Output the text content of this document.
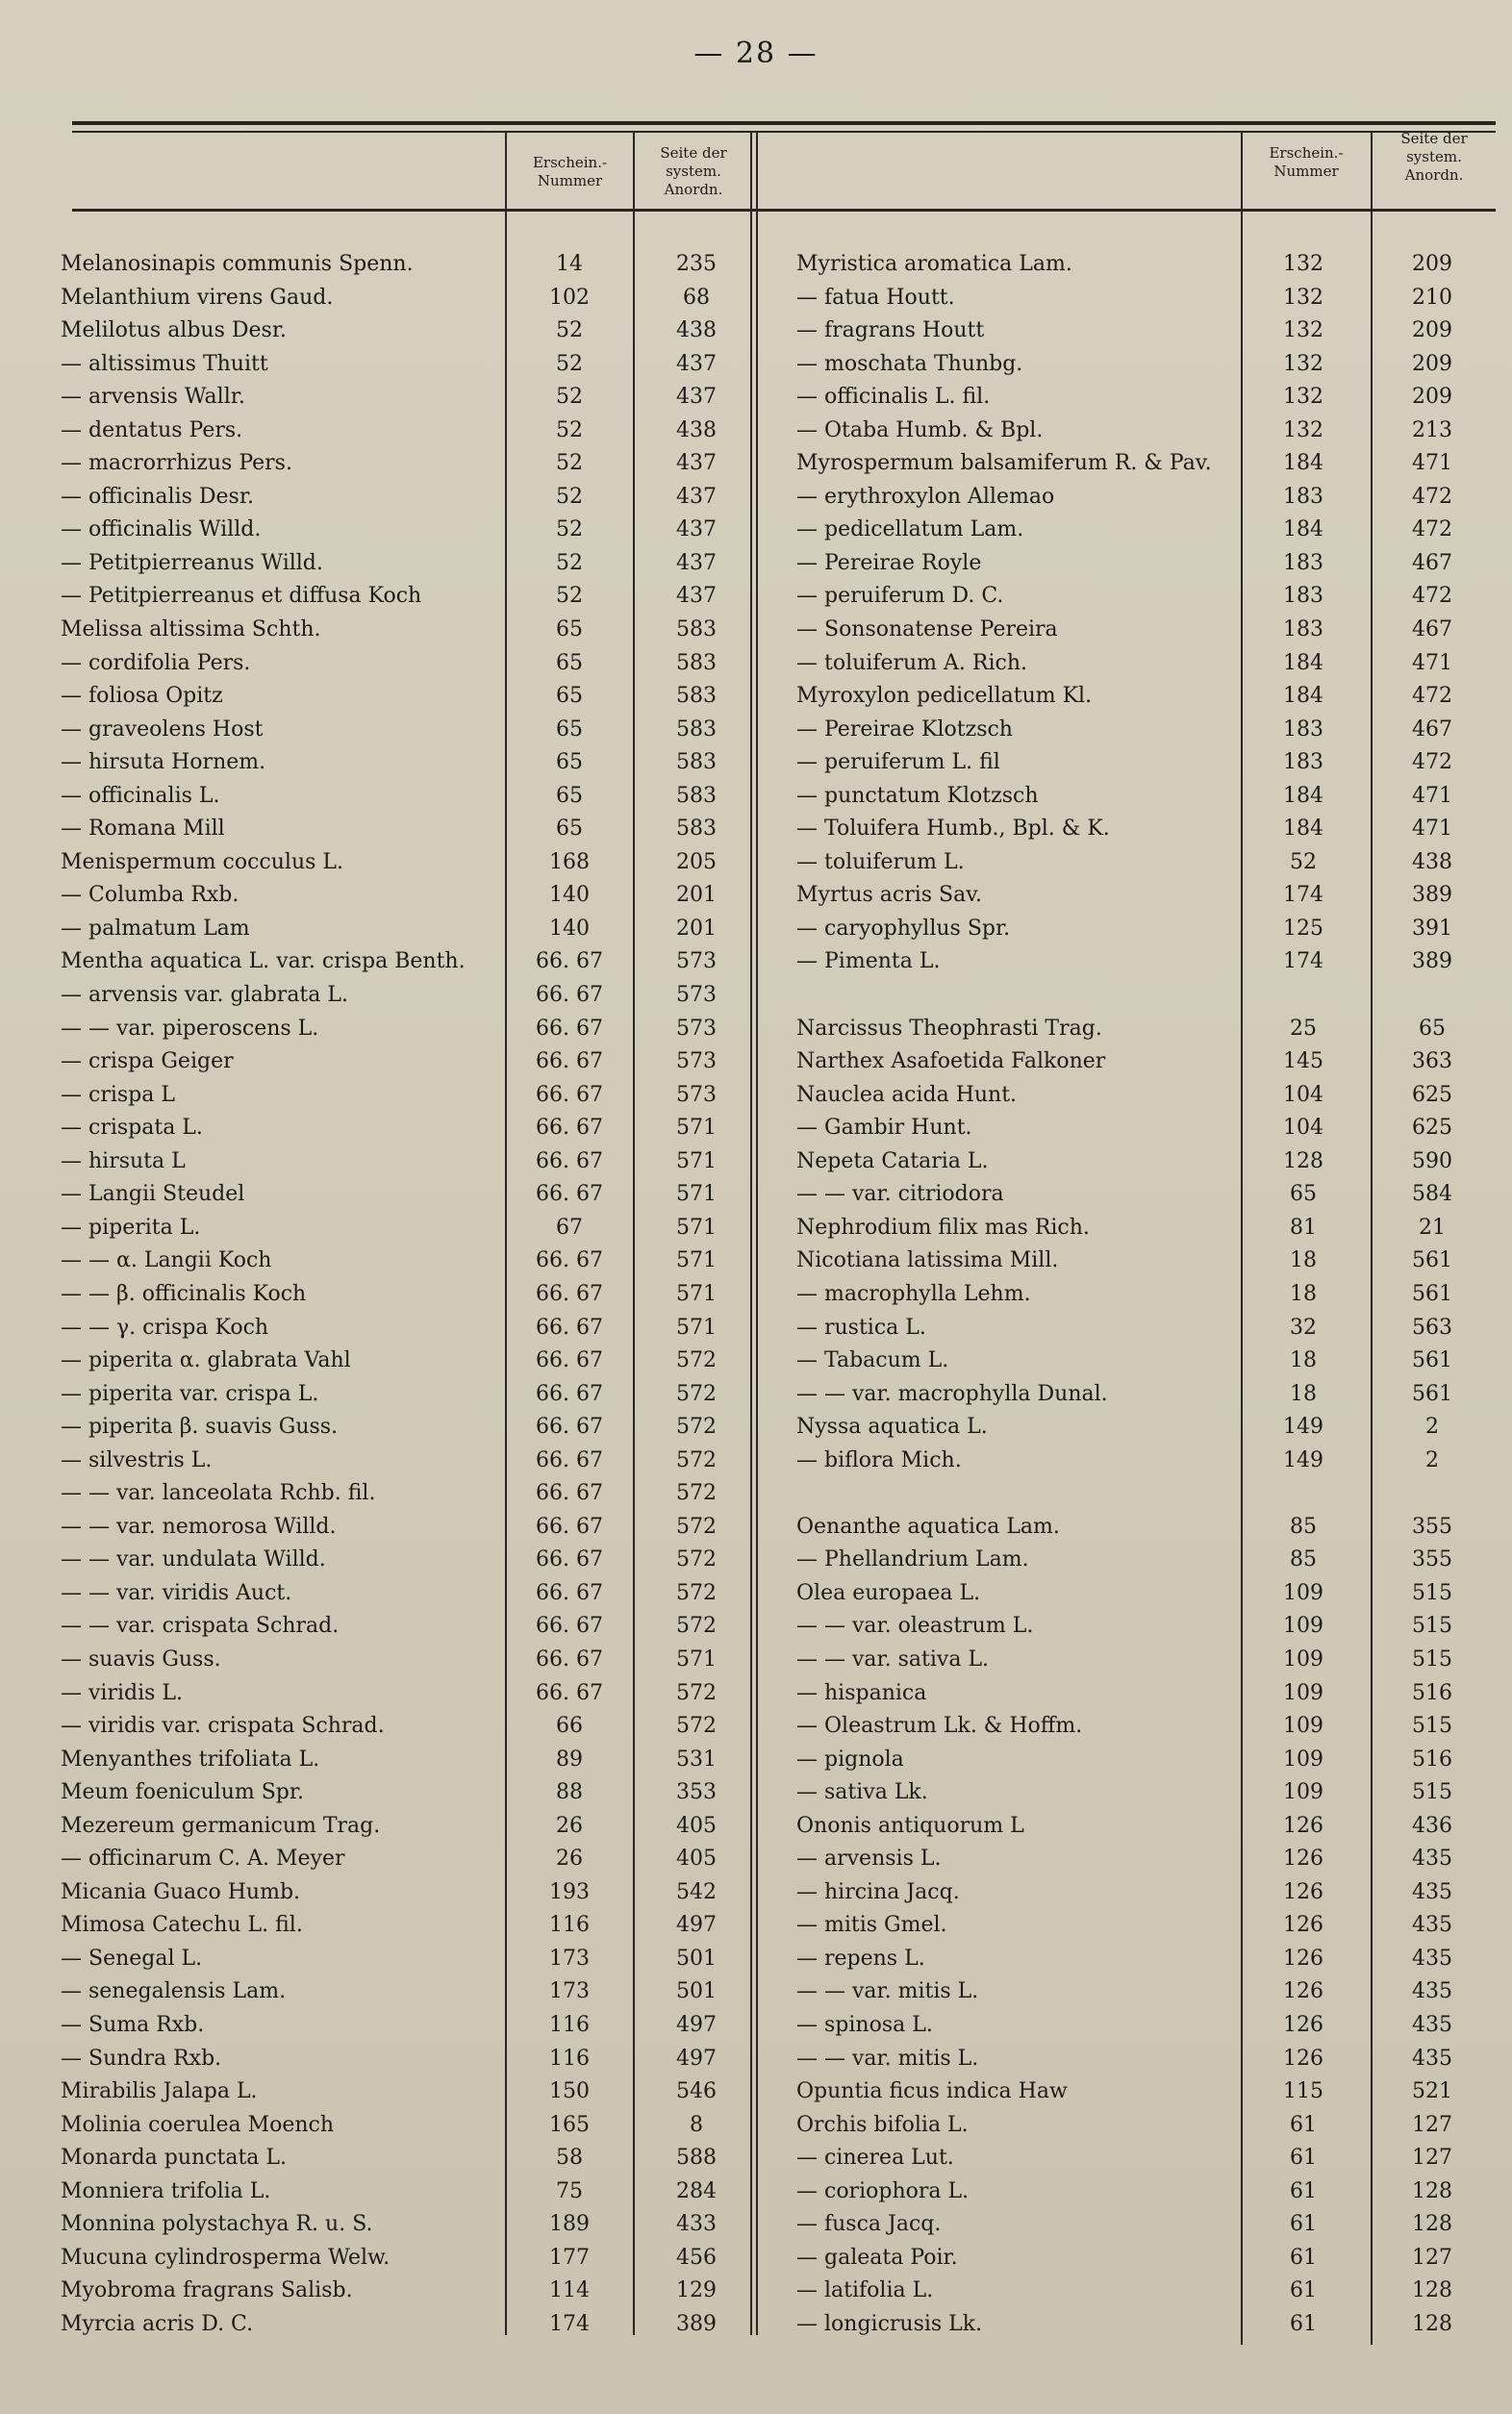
— 28 —
Erschein.- Nummer
Seite der system. Anordn.
Erschein.- Nummer
Seite der system. Anordn.
Melanosinapis communis Spenn.
Melanthium virens Gaud.
Melilotus albus Desr.
— altissimus Thuitt
— arvensis Wallr.
— dentatus Pers.
— macrorrhizus Pers.
— officinalis Desr.
— officinalis Willd.
— Petitpierreanus Willd.
— Petitpierreanus et diffusa Koch
Melissa altissima Schth.
— cordifolia Pers.
— foliosa Opitz
— graveolens Host
— hirsuta Hornem.
— officinalis L.
— Romana Mill
Menispermum cocculus L.
— Columba Rxb.
— palmatum Lam
Mentha aquatica L. var. crispa Benth.
— arvensis var. glabrata L.
— — var. piperoscens L.
— crispa Geiger
— crispa L
— crispata L.
— hirsuta L
— Langii Steudel
— piperita L.
— — α. Langii Koch
— — β. officinalis Koch
— — γ. crispa Koch
— piperita α. glabrata Vahl
— piperita var. crispa L.
— piperita β. suavis Guss.
— silvestris L.
— — var. lanceolata Rchb. fil.
— — var. nemorosa Willd.
— — var. undulata Willd.
— — var. viridis Auct.
— — var. crispata Schrad.
— suavis Guss.
— viridis L.
— viridis var. crispata Schrad.
Menyanthes trifoliata L.
Meum foeniculum Spr.
Mezereum germanicum Trag.
— officinarum C. A. Meyer
Micania Guaco Humb.
Mimosa Catechu L. fil.
— Senegal L.
— senegalensis Lam.
— Suma Rxb.
— Sundra Rxb.
Mirabilis Jalapa L.
Molinia coerulea Moench
Monarda punctata L.
Monniera trifolia L.
Monnina polystachya R. u. S.
Mucuna cylindrosperma Welw.
Myobroma fragrans Salisb.
Myrcia acris D. C.
14
102
52
52
52
52
52
52
52
52
52
65
65
65
65
65
65
65
168
140
140
66. 67
66. 67
66. 67
66. 67
66. 67
66. 67
66. 67
66. 67
67
66. 67
66. 67
66. 67
66. 67
66. 67
66. 67
66. 67
66. 67
66. 67
66. 67
66. 67
66. 67
66. 67
66. 67
66
89
88
26
26
193
116
173
173
116
116
150
165
58
75
189
177
114
174
235
68
438
437
437
438
437
437
437
437
437
583
583
583
583
583
583
583
205
201
201
573
573
573
573
573
571
571
571
571
571
571
571
572
572
572
572
572
572
572
572
572
571
572
572
531
353
405
405
542
497
501
501
497
497
546
8
588
284
433
456
129
389
Myristica aromatica Lam.
— fatua Houtt.
— fragrans Houtt
— moschata Thunbg.
— officinalis L. fil.
— Otaba Humb. & Bpl.
Myrospermum balsamiferum R. & Pav.
— erythroxylon Allemao
— pedicellatum Lam.
— Pereirae Royle
— peruiferum D. C.
— Sonsonatense Pereira
— toluiferum A. Rich.
Myroxylon pedicellatum Kl.
— Pereirae Klotzsch
— peruiferum L. fil
— punctatum Klotzsch
— Toluifera Humb., Bpl. & K.
— toluiferum L.
Myrtus acris Sav.
— caryophyllus Spr.
— Pimenta L.
Narcissus Theophrasti Trag.
Narthex Asafoetida Falkoner
Nauclea acida Hunt.
— Gambir Hunt.
Nepeta Cataria L.
— — var. citriodora
Nephrodium filix mas Rich.
Nicotiana latissima Mill.
— macrophylla Lehm.
— rustica L.
— Tabacum L.
— — var. macrophylla Dunal.
Nyssa aquatica L.
— biflora Mich.
Oenanthe aquatica Lam.
— Phellandrium Lam.
Olea europaea L.
— — var. oleastrum L.
— — var. sativa L.
— hispanica
— Oleastrum Lk. & Hoffm.
— pignola
— sativa Lk.
Ononis antiquorum L
— arvensis L.
— hircina Jacq.
— mitis Gmel.
— repens L.
— — var. mitis L.
— spinosa L.
— — var. mitis L.
Opuntia ficus indica Haw
Orchis bifolia L.
— cinerea Lut.
— coriophora L.
— fusca Jacq.
— galeata Poir.
— latifolia L.
— longicrusis Lk.
132
132
132
132
132
132
184
183
184
183
183
183
184
184
183
183
184
184
52
174
125
174
25
145
104
104
128
65
81
18
18
32
18
18
149
149
85
85
109
109
109
109
109
109
109
126
126
126
126
126
126
126
126
115
61
61
61
61
61
61
61
209
210
209
209
209
213
471
472
472
467
472
467
471
472
467
472
471
471
438
389
391
389
65
363
625
625
590
584
21
561
561
563
561
561
2
2
355
355
515
515
515
516
515
516
515
436
435
435
435
435
435
435
435
521
127
127
128
128
127
128
128
